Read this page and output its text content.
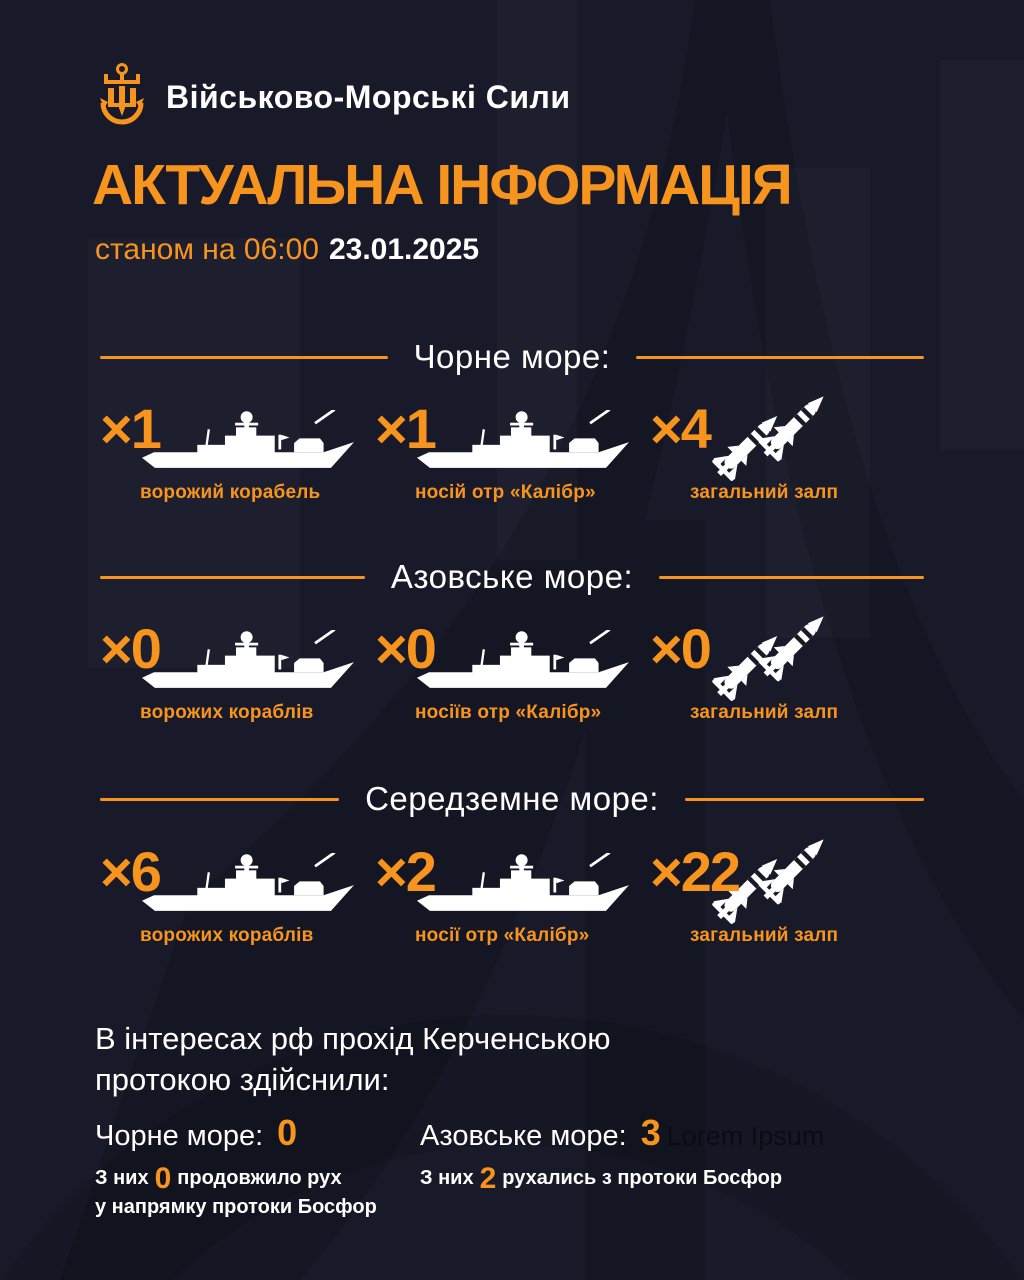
Військово-Морські Сили
АКТУАЛЬНА ІНФОРМАЦІЯ
станом на 06:00 23.01.2025
Чорне море:
×1
ворожий корабель
×1
носій отр «Калібр»
×4
загальний залп
Азовське море:
×0
ворожих кораблів
×0
носіїв отр «Калібр»
×0
загальний залп
Середземне море:
×6
ворожих кораблів
×2
носії отр «Калібр»
×22
загальний залп
В інтересах рф прохід Керченською
протокою здійснили:
Чорне море: 0
З них 0 продовжило рух
у напрямку протоки Босфор
Азовське море: 3 Lorem Ipsum
З них 2 рухались з протоки Босфор
